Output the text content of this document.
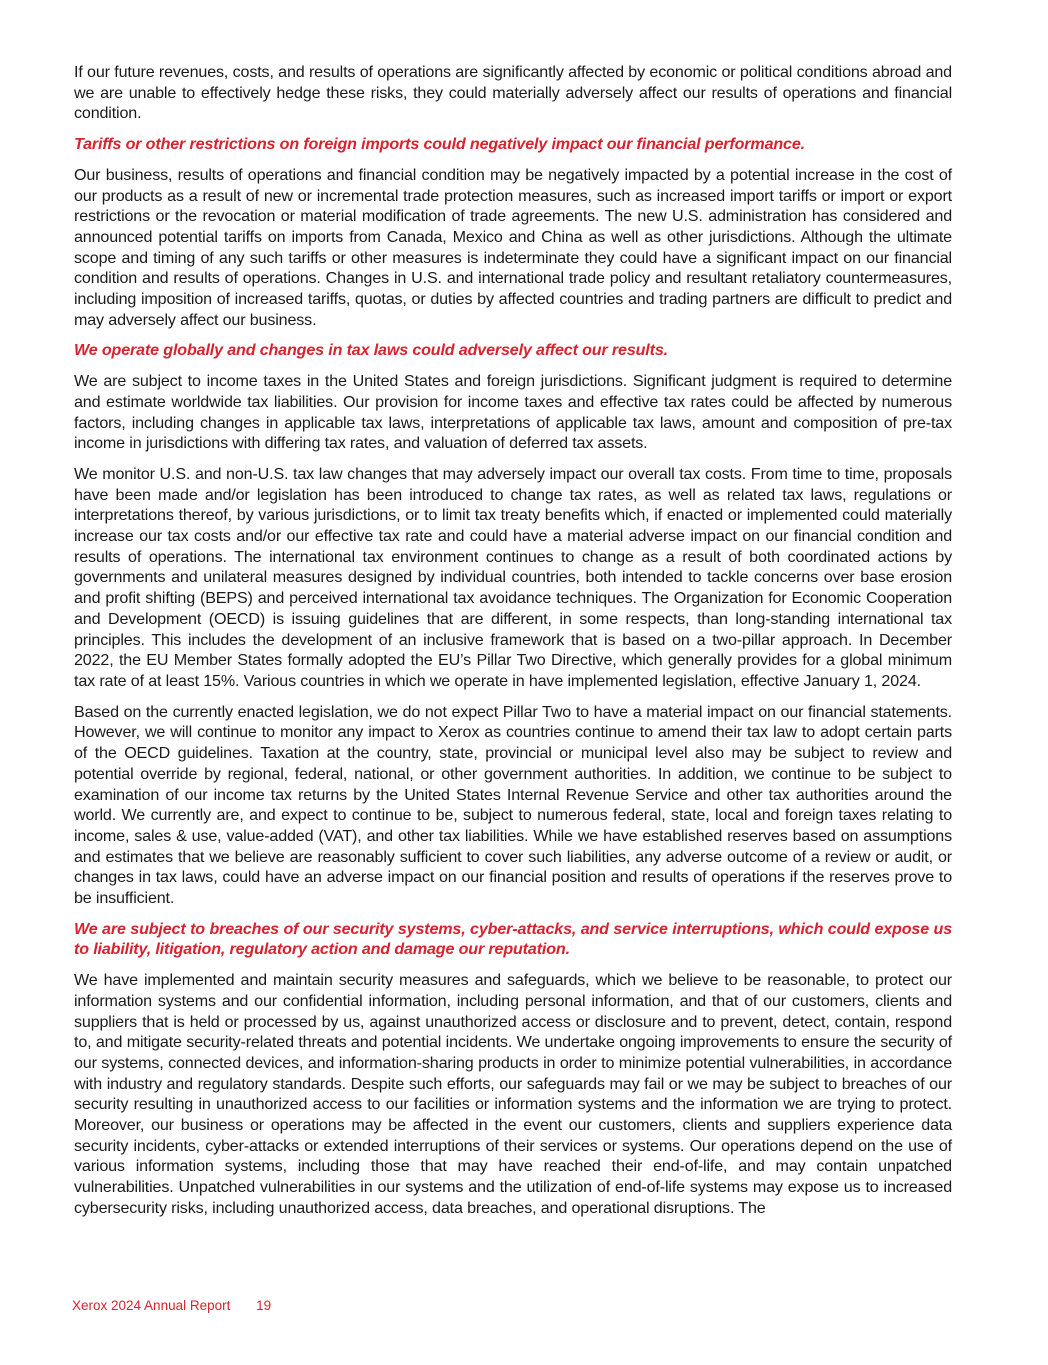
If our future revenues, costs, and results of operations are significantly affected by economic or political conditions abroad and we are unable to effectively hedge these risks, they could materially adversely affect our results of operations and financial condition.

Tariffs or other restrictions on foreign imports could negatively impact our financial performance.

Our business, results of operations and financial condition may be negatively impacted by a potential increase in the cost of our products as a result of new or incremental trade protection measures, such as increased import tariffs or import or export restrictions or the revocation or material modification of trade agreements. The new U.S. administration has considered and announced potential tariffs on imports from Canada, Mexico and China as well as other jurisdictions. Although the ultimate scope and timing of any such tariffs or other measures is indeterminate they could have a significant impact on our financial condition and results of operations. Changes in U.S. and international trade policy and resultant retaliatory countermeasures, including imposition of increased tariffs, quotas, or duties by affected countries and trading partners are difficult to predict and may adversely affect our business.

We operate globally and changes in tax laws could adversely affect our results.

We are subject to income taxes in the United States and foreign jurisdictions. Significant judgment is required to determine and estimate worldwide tax liabilities. Our provision for income taxes and effective tax rates could be affected by numerous factors, including changes in applicable tax laws, interpretations of applicable tax laws, amount and composition of pre-tax income in jurisdictions with differing tax rates, and valuation of deferred tax assets.

We monitor U.S. and non-U.S. tax law changes that may adversely impact our overall tax costs. From time to time, proposals have been made and/or legislation has been introduced to change tax rates, as well as related tax laws, regulations or interpretations thereof, by various jurisdictions, or to limit tax treaty benefits which, if enacted or implemented could materially increase our tax costs and/or our effective tax rate and could have a material adverse impact on our financial condition and results of operations. The international tax environment continues to change as a result of both coordinated actions by governments and unilateral measures designed by individual countries, both intended to tackle concerns over base erosion and profit shifting (BEPS) and perceived international tax avoidance techniques. The Organization for Economic Cooperation and Development (OECD) is issuing guidelines that are different, in some respects, than long-standing international tax principles. This includes the development of an inclusive framework that is based on a two-pillar approach. In December 2022, the EU Member States formally adopted the EU’s Pillar Two Directive, which generally provides for a global minimum tax rate of at least 15%. Various countries in which we operate in have implemented legislation, effective January 1, 2024.

Based on the currently enacted legislation, we do not expect Pillar Two to have a material impact on our financial statements. However, we will continue to monitor any impact to Xerox as countries continue to amend their tax law to adopt certain parts of the OECD guidelines. Taxation at the country, state, provincial or municipal level also may be subject to review and potential override by regional, federal, national, or other government authorities. In addition, we continue to be subject to examination of our income tax returns by the United States Internal Revenue Service and other tax authorities around the world. We currently are, and expect to continue to be, subject to numerous federal, state, local and foreign taxes relating to income, sales & use, value-added (VAT), and other tax liabilities. While we have established reserves based on assumptions and estimates that we believe are reasonably sufficient to cover such liabilities, any adverse outcome of a review or audit, or changes in tax laws, could have an adverse impact on our financial position and results of operations if the reserves prove to be insufficient.

We are subject to breaches of our security systems, cyber-attacks, and service interruptions, which could expose us to liability, litigation, regulatory action and damage our reputation.

We have implemented and maintain security measures and safeguards, which we believe to be reasonable, to protect our information systems and our confidential information, including personal information, and that of our customers, clients and suppliers that is held or processed by us, against unauthorized access or disclosure and to prevent, detect, contain, respond to, and mitigate security-related threats and potential incidents. We undertake ongoing improvements to ensure the security of our systems, connected devices, and information-sharing products in order to minimize potential vulnerabilities, in accordance with industry and regulatory standards. Despite such efforts, our safeguards may fail or we may be subject to breaches of our security resulting in unauthorized access to our facilities or information systems and the information we are trying to protect. Moreover, our business or operations may be affected in the event our customers, clients and suppliers experience data security incidents, cyber-attacks or extended interruptions of their services or systems. Our operations depend on the use of various information systems, including those that may have reached their end-of-life, and may contain unpatched vulnerabilities. Unpatched vulnerabilities in our systems and the utilization of end-of-life systems may expose us to increased cybersecurity risks, including unauthorized access, data breaches, and operational disruptions. The

Xerox 2024 Annual Report 19
